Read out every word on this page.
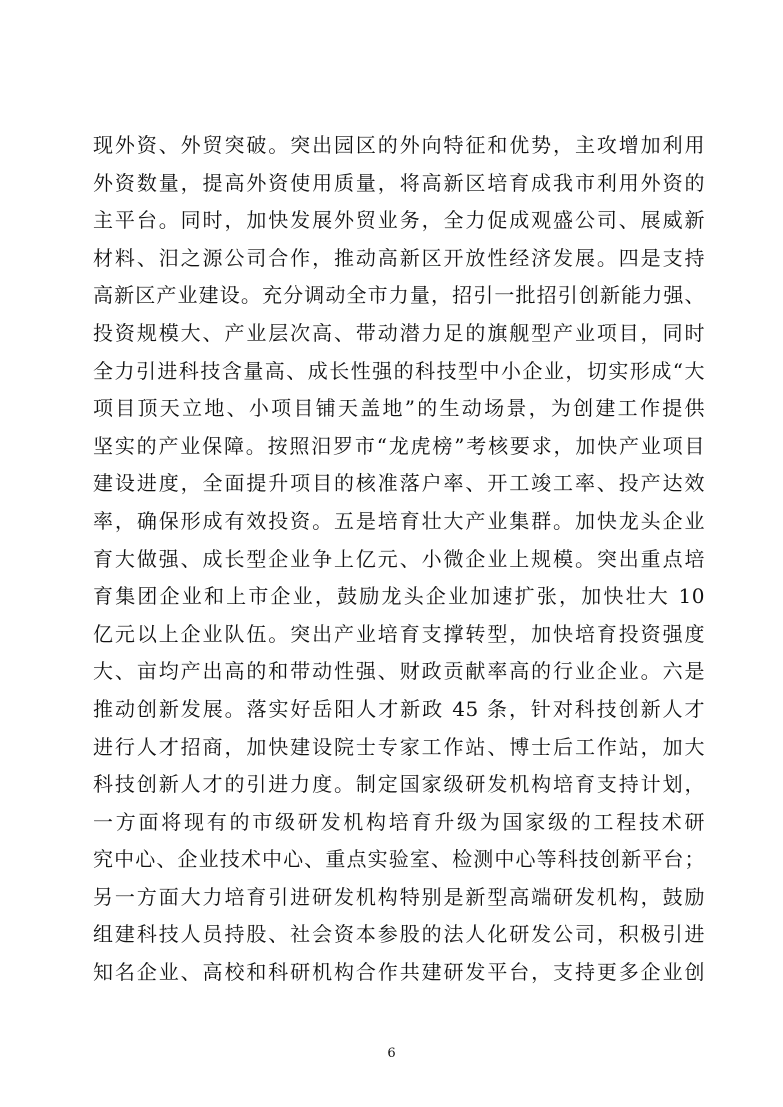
现外资、外贸突破。突出园区的外向特征和优势，主攻增加利用
外资数量，提高外资使用质量，将高新区培育成我市利用外资的
主平台。同时，加快发展外贸业务，全力促成观盛公司、展威新
材料、汨之源公司合作，推动高新区开放性经济发展。四是支持
高新区产业建设。充分调动全市力量，招引一批招引创新能力强、
投资规模大、产业层次高、带动潜力足的旗舰型产业项目，同时
全力引进科技含量高、成长性强的科技型中小企业，切实形成“大
项目顶天立地、小项目铺天盖地”的生动场景，为创建工作提供
坚实的产业保障。按照汨罗市“龙虎榜”考核要求，加快产业项目
建设进度，全面提升项目的核准落户率、开工竣工率、投产达效
率，确保形成有效投资。五是培育壮大产业集群。加快龙头企业
育大做强、成长型企业争上亿元、小微企业上规模。突出重点培
育集团企业和上市企业，鼓励龙头企业加速扩张，加快壮大 10
亿元以上企业队伍。突出产业培育支撑转型，加快培育投资强度
大、亩均产出高的和带动性强、财政贡献率高的行业企业。六是
推动创新发展。落实好岳阳人才新政 45 条，针对科技创新人才
进行人才招商，加快建设院士专家工作站、博士后工作站，加大
科技创新人才的引进力度。制定国家级研发机构培育支持计划，
一方面将现有的市级研发机构培育升级为国家级的工程技术研
究中心、企业技术中心、重点实验室、检测中心等科技创新平台；
另一方面大力培育引进研发机构特别是新型高端研发机构，鼓励
组建科技人员持股、社会资本参股的法人化研发公司，积极引进
知名企业、高校和科研机构合作共建研发平台，支持更多企业创
6
